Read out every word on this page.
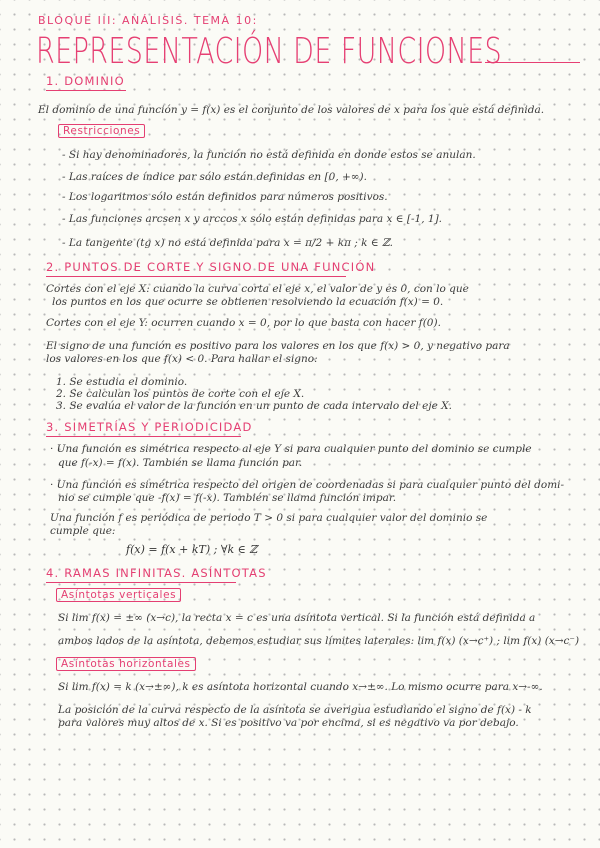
BLOQUE III: ANÁLISIS. TEMA 10:
REPRESENTACIÓN DE FUNCIONES
1. DOMINIO
El dominio de una función y = f(x) es el conjunto de los valores de x para los que está definida.
Restricciones
- Si hay denominadores, la función no está definida en donde estos se anulan.
- Las raíces de índice par sólo están definidas en [0, +∞).
- Los logaritmos sólo están definidos para números positivos.
- Las funciones arcsen x y arccos x sólo están definidas para x ∈ [-1, 1].
- La tangente (tg x) no está definida para x = π/2 + kπ ; k ∈ ℤ.
2. PUNTOS DE CORTE Y SIGNO DE UNA FUNCIÓN
Cortes con el eje X: cuando la curva corta el eje x, el valor de y es 0, con lo que
los puntos en los que ocurre se obtienen resolviendo la ecuación f(x) = 0.
Cortes con el eje Y: ocurren cuando x = 0, por lo que basta con hacer f(0).
El signo de una función es positivo para los valores en los que f(x) > 0, y negativo para
los valores en los que f(x) < 0. Para hallar el signo:
1. Se estudia el dominio.
2. Se calculan los puntos de corte con el eje X.
3. Se evalúa el valor de la función en un punto de cada intervalo del eje X.
3. SIMETRÍAS Y PERIODICIDAD
· Una función es simétrica respecto al eje Y si para cualquier punto del dominio se cumple
que f(-x) = f(x). También se llama función par.
· Una función es simétrica respecto del origen de coordenadas si para cualquier punto del domi-
nio se cumple que -f(x) = f(-x). También se llama función impar.
Una función f es periódica de periodo T > 0 si para cualquier valor del dominio se
cumple que:
f(x) = f(x + kT) ; ∀k ∈ ℤ
4. RAMAS INFINITAS. ASÍNTOTAS
Asíntotas verticales
Si lim f(x) = ±∞ (x→c), la recta x = c es una asíntota vertical. Si la función está definida a
ambos lados de la asíntota, debemos estudiar sus límites laterales: lim f(x) (x→c⁺) ; lim f(x) (x→c⁻)
Asíntotas horizontales
Si lim f(x) = k (x→±∞), k es asíntota horizontal cuando x→±∞. Lo mismo ocurre para x→-∞.
La posición de la curva respecto de la asíntota se averigua estudiando el signo de f(x) - k
para valores muy altos de x. Si es positivo va por encima, si es negativo va por debajo.
